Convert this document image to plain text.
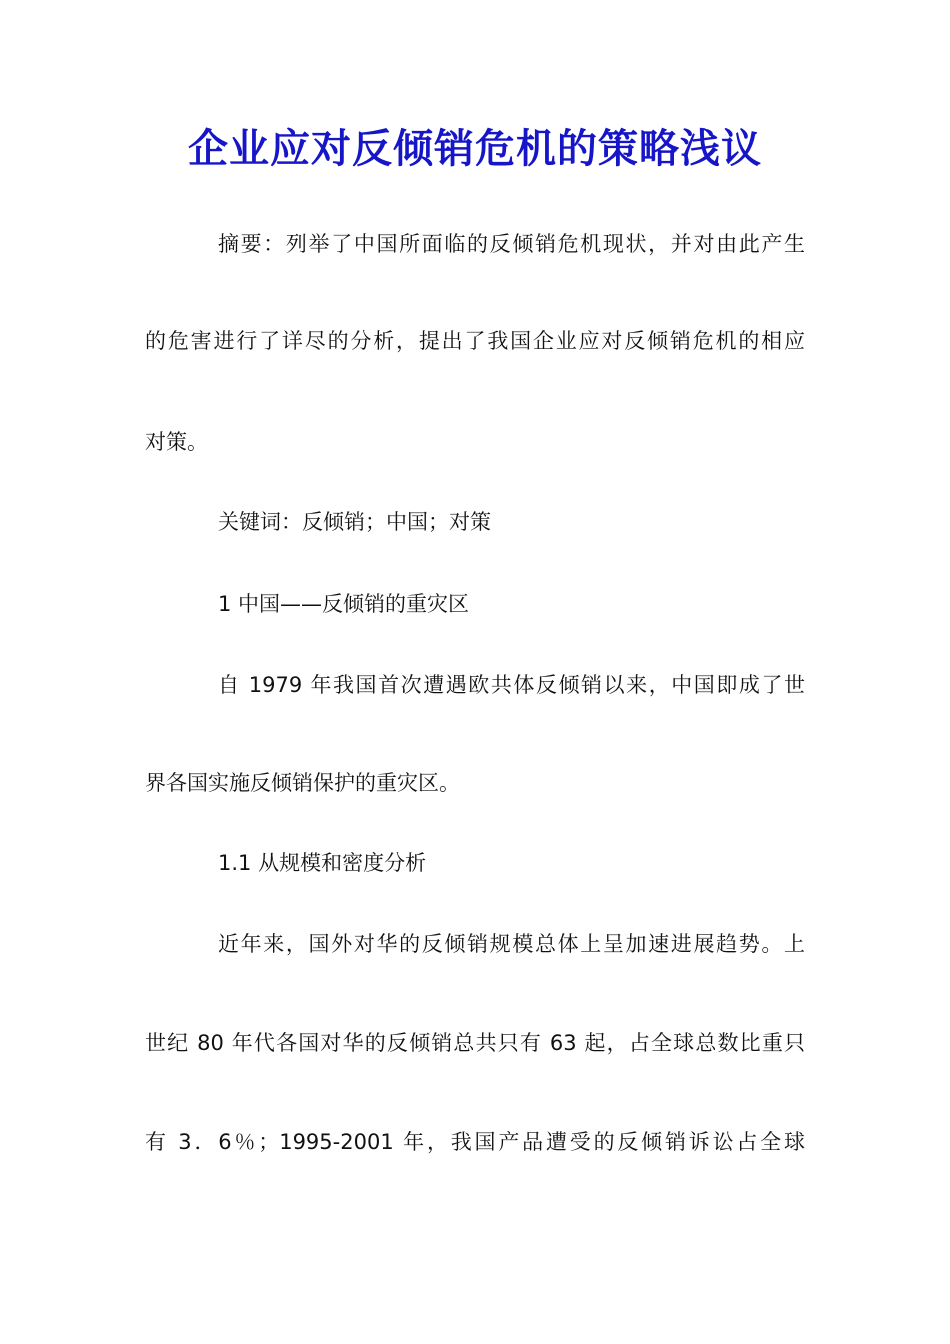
企业应对反倾销危机的策略浅议
摘要：列举了中国所面临的反倾销危机现状，并对由此产生
的危害进行了详尽的分析，提出了我国企业应对反倾销危机的相应
对策。
关键词：反倾销；中国；对策
1 中国——反倾销的重灾区
自 1979 年我国首次遭遇欧共体反倾销以来，中国即成了世
界各国实施反倾销保护的重灾区。
1.1 从规模和密度分析
近年来，国外对华的反倾销规模总体上呈加速进展趋势。上
世纪 80 年代各国对华的反倾销总共只有 63 起，占全球总数比重只
有 3．6％；1995-2001 年，我国产品遭受的反倾销诉讼占全球
